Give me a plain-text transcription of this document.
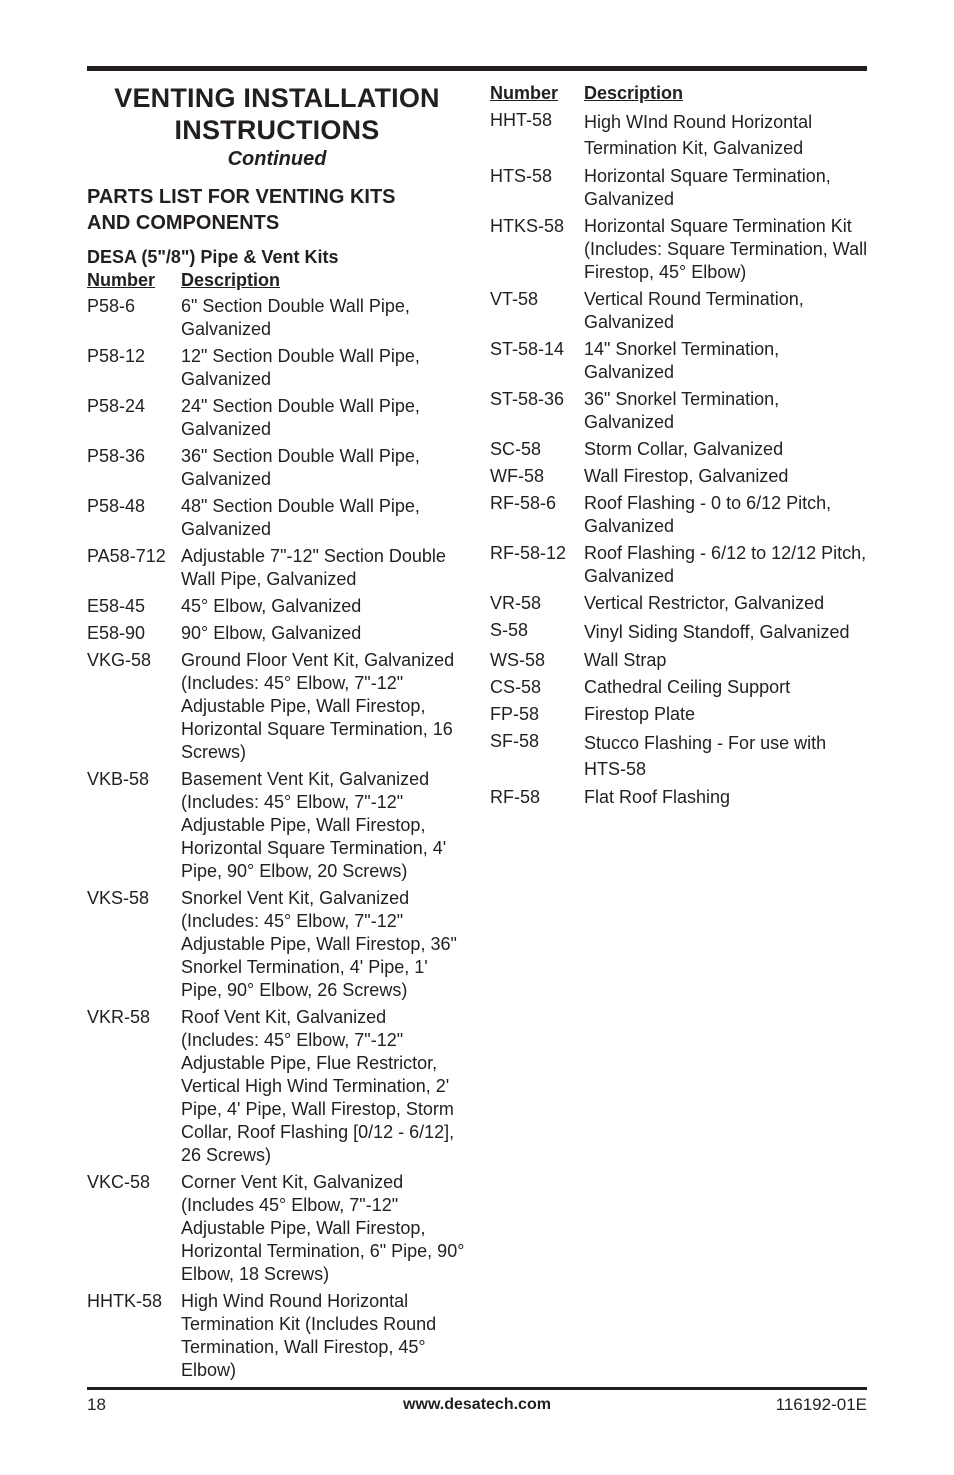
VENTING INSTALLATION
INSTRUCTIONS
Continued
PARTS LIST FOR VENTING KITS
AND COMPONENTS
DESA (5"/8") Pipe & Vent Kits
Number	Description
P58-6	6" Section Double Wall Pipe, Galvanized
P58-12	12" Section Double Wall Pipe, Galvanized
P58-24	24" Section Double Wall Pipe, Galvanized
P58-36	36" Section Double Wall Pipe, Galvanized
P58-48	48" Section Double Wall Pipe, Galvanized
PA58-712 Adjustable 7"-12" Section Double Wall Pipe, Galvanized
E58-45	45° Elbow, Galvanized
E58-90	90° Elbow, Galvanized
VKG-58	Ground Floor Vent Kit, Galvanized (Includes: 45° Elbow, 7"-12" Adjustable Pipe, Wall Firestop, Horizontal Square Termination, 16 Screws)
VKB-58	Basement Vent Kit, Galvanized (Includes: 45° Elbow, 7"-12" Adjustable Pipe, Wall Firestop, Horizontal Square Termination, 4' Pipe, 90° Elbow, 20 Screws)
VKS-58	Snorkel Vent Kit, Galvanized (Includes: 45° Elbow, 7"-12" Adjustable Pipe, Wall Firestop, 36" Snorkel Termination, 4' Pipe, 1' Pipe, 90° Elbow, 26 Screws)
VKR-58	Roof Vent Kit, Galvanized (Includes: 45° Elbow, 7"-12" Adjustable Pipe, Flue Restrictor, Vertical High Wind Termination, 2' Pipe, 4' Pipe, Wall Firestop, Storm Collar, Roof Flashing [0/12 - 6/12], 26 Screws)
VKC-58	Corner Vent Kit, Galvanized (Includes 45° Elbow, 7"-12" Adjustable Pipe, Wall Firestop, Horizontal Termination, 6" Pipe, 90° Elbow, 18 Screws)
HHTK-58	High Wind Round Horizontal Termination Kit (Includes Round Termination, Wall Firestop, 45° Elbow)
Number	Description
HHT-58	High WInd Round Horizontal Termination Kit, Galvanized
HTS-58	Horizontal Square Termination, Galvanized
HTKS-58	Horizontal Square Termination Kit (Includes: Square Termination, Wall Firestop, 45° Elbow)
VT-58	Vertical Round Termination, Galvanized
ST-58-14	14" Snorkel Termination, Galvanized
ST-58-36	36" Snorkel Termination, Galvanized
SC-58	Storm Collar, Galvanized
WF-58	Wall Firestop, Galvanized
RF-58-6	Roof Flashing - 0 to 6/12 Pitch, Galvanized
RF-58-12 Roof Flashing - 6/12 to 12/12 Pitch, Galvanized
VR-58	Vertical Restrictor, Galvanized
S-58	Vinyl Siding Standoff, Galvanized
WS-58	Wall Strap
CS-58	Cathedral Ceiling Support
FP-58	Firestop Plate
SF-58	Stucco Flashing - For use with HTS-58
RF-58	Flat Roof Flashing
18	www.desatech.com	116192-01E
